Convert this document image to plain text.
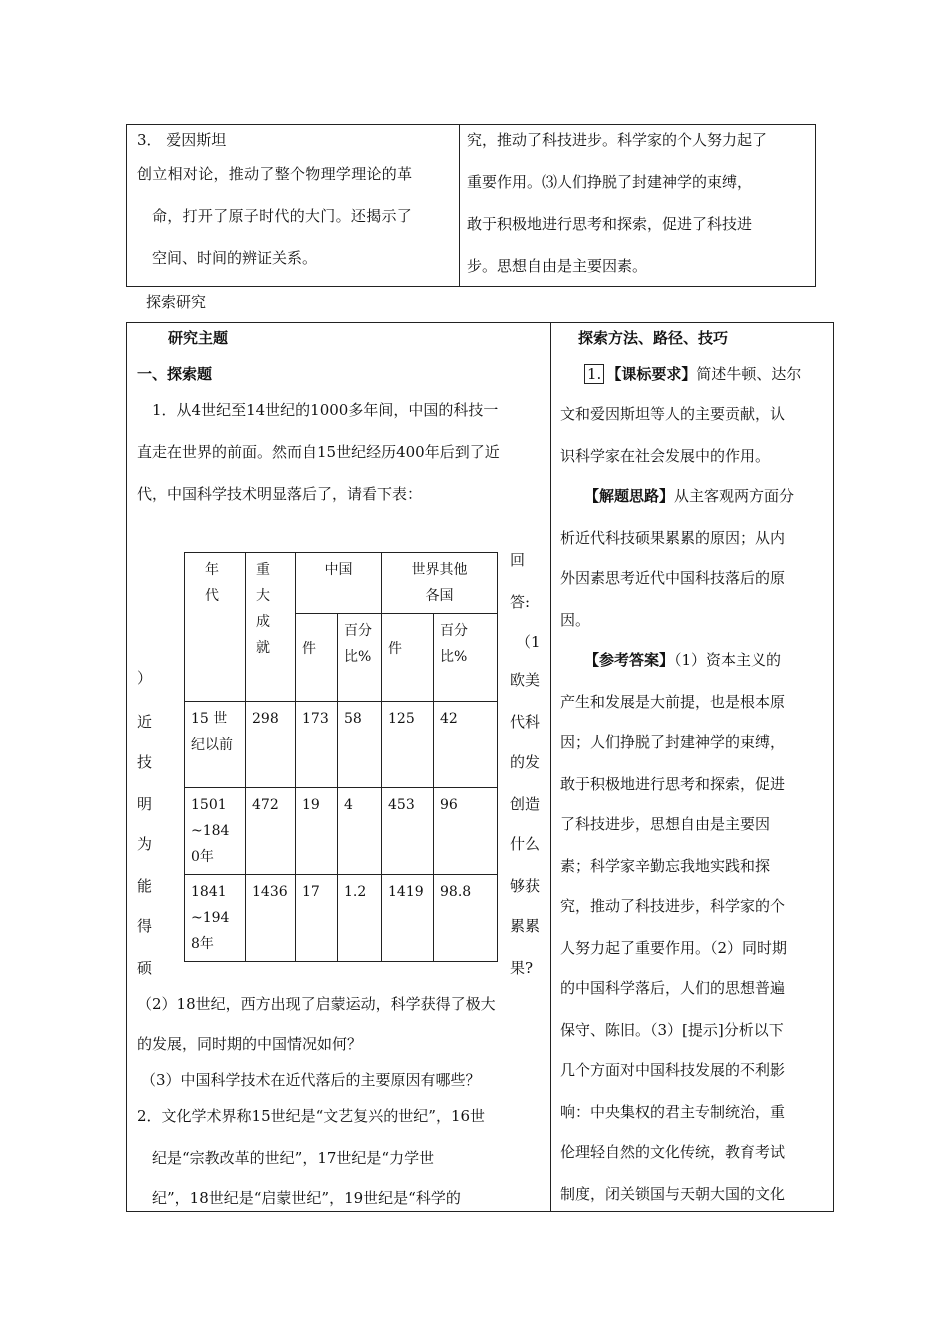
3． 爱因斯坦
创立相对论，推动了整个物理学理论的革
命，打开了原子时代的大门。还揭示了
空间、时间的辨证关系。
究，推动了科技进步。科学家的个人努力起了
重要作用。⑶人们挣脱了封建神学的束缚，
敢于积极地进行思考和探索，促进了科技进
步。思想自由是主要因素。
探索研究
研究主题	探索方法、路径、技巧
一、探索题
1．从4世纪至14世纪的1000多年间，中国的科技一
直走在世界的前面。然而自15世纪经历400年后到了近
代，中国科学技术明显落后了，请看下表：
）
近
技
明
为
能
得
硕
回
答:
（1
欧美
代科
的发
创造
什么
够获
累累
果?
年代	重大成就	中国		世界其他各国	

		件	百分比%	件	百分比%

15 世纪以前	298	173	58	125	42

1501~1840年	472	19	4	453	96

1841~1948年	1436	17	1.2	1419	98.8
（2）18世纪，西方出现了启蒙运动，科学获得了极大
的发展，同时期的中国情况如何？
（3）中国科学技术在近代落后的主要原因有哪些？
2．文化学术界称15世纪是“文艺复兴的世纪”，16世
纪是“宗教改革的世纪”，17世纪是“力学世
纪”，18世纪是“启蒙世纪”，19世纪是“科学的
1. 【课标要求】简述牛顿、达尔
文和爱因斯坦等人的主要贡献，认
识科学家在社会发展中的作用。
【解题思路】从主客观两方面分
析近代科技硕果累累的原因；从内
外因素思考近代中国科技落后的原
因。
【参考答案】（1）资本主义的
产生和发展是大前提，也是根本原
因；人们挣脱了封建神学的束缚，
敢于积极地进行思考和探索，促进
了科技进步，思想自由是主要因
素；科学家辛勤忘我地实践和探
究，推动了科技进步，科学家的个
人努力起了重要作用。（2）同时期
的中国科学落后，人们的思想普遍
保守、陈旧。（3）[提示]分析以下
几个方面对中国科技发展的不利影
响：中央集权的君主专制统治，重
伦理轻自然的文化传统，教育考试
制度，闭关锁国与天朝大国的文化
